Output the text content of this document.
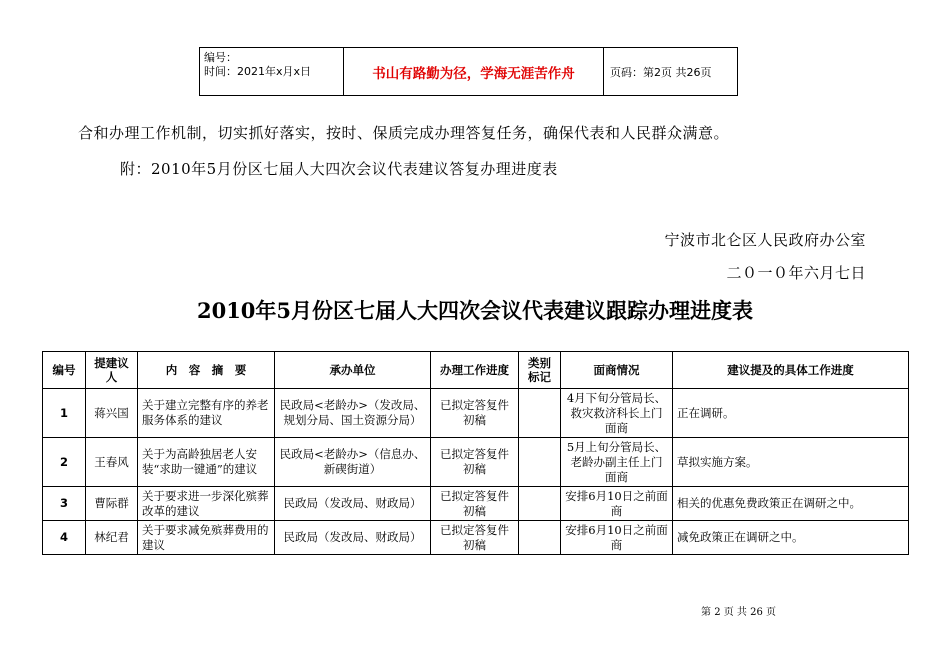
编号：
时间：2021年x月x日	书山有路勤为径，学海无涯苦作舟	页码：第2页 共26页
合和办理工作机制，切实抓好落实，按时、保质完成办理答复任务，确保代表和人民群众满意。
附：2010年5月份区七届人大四次会议代表建议答复办理进度表
宁波市北仑区人民政府办公室
二０一０年六月七日
2010年5月份区七届人大四次会议代表建议跟踪办理进度表
编号	提建议人	内　容　摘　要	承办单位	办理工作进度	类别标记	面商情况	建议提及的具体工作进度
1	蒋兴国	关于建立完整有序的养老服务体系的建议	民政局<老龄办>（发改局、规划分局、国土资源分局）	已拟定答复件初稿		4月下旬分管局长、救灾救济科长上门面商	正在调研。
2	王春风	关于为高龄独居老人安装“求助一键通”的建议	民政局<老龄办>（信息办、新碶街道）	已拟定答复件初稿		5月上旬分管局长、老龄办副主任上门面商	草拟实施方案。
3	曹际群	关于要求进一步深化殡葬改革的建议	民政局（发改局、财政局）	已拟定答复件初稿		安排6月10日之前面商	相关的优惠免费政策正在调研之中。
4	林纪君	关于要求减免殡葬费用的建议	民政局（发改局、财政局）	已拟定答复件初稿		安排6月10日之前面商	减免政策正在调研之中。
第 2 页 共 26 页
